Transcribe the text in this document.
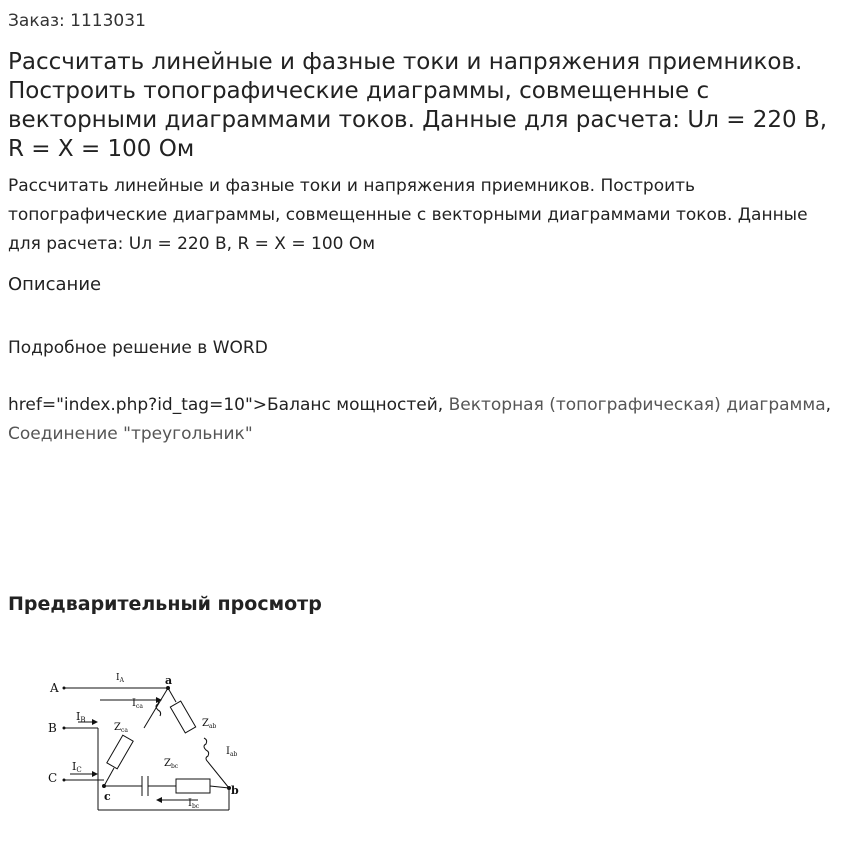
Заказ: 1113031
Рассчитать линейные и фазные токи и напряжения приемников. Построить топографические диаграммы, совмещенные с векторными диаграммами токов. Данные для расчета: Uл = 220 В, R = X = 100 Ом

Рассчитать линейные и фазные токи и напряжения приемников. Построить топографические диаграммы, совмещенные с векторными диаграммами токов. Данные для расчета: Uл = 220 В, R = X = 100 Ом

Описание
Подробное решение в WORD
href="index.php?id_tag=10">Баланс мощностей, Векторная (топографическая) диаграмма, Соединение "треугольник"
Предварительный просмотр
A
B
C
a
b
c
$I_A$
IB
IC
$I_{ca}$
$I_{ab}$
$I_{bc}$
$Z_{ca}$
$Z_{ab}$
$Z_{bc}$
